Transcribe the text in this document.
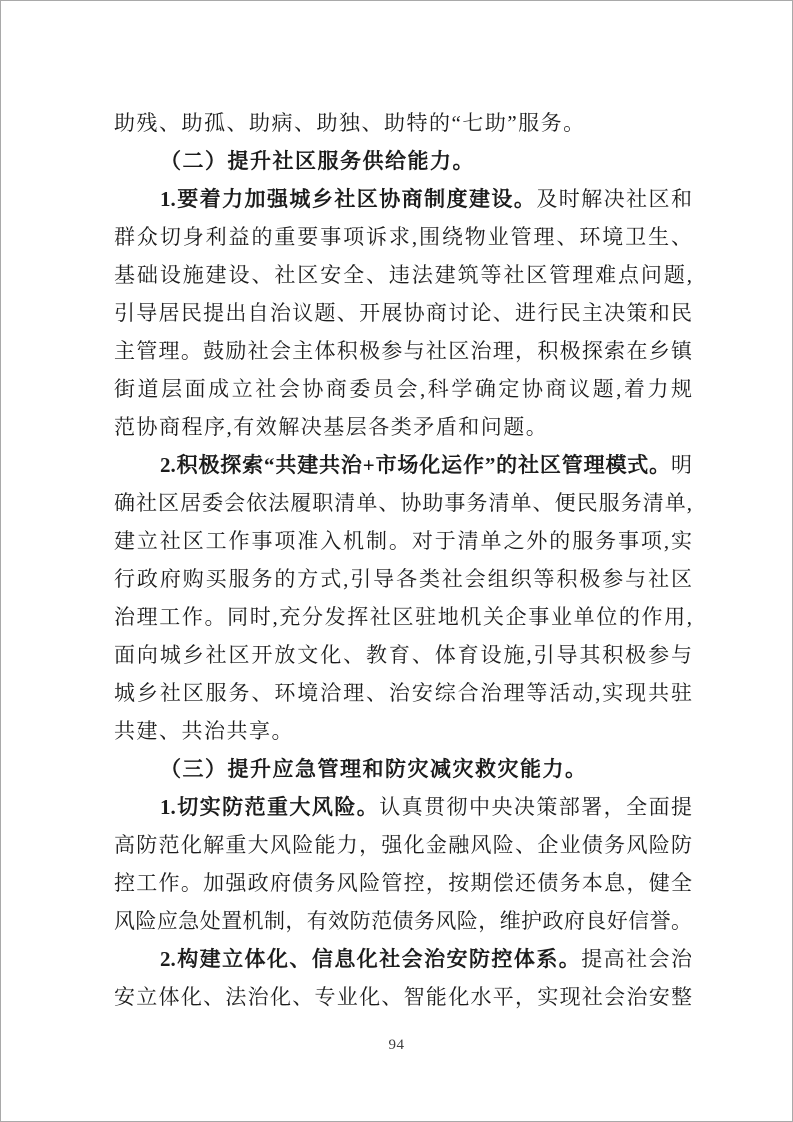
助残、助孤、助病、助独、助特的“七助”服务。
（二）提升社区服务供给能力。
1.要着力加强城乡社区协商制度建设。及时解决社区和
群众切身利益的重要事项诉求,围绕物业管理、环境卫生、
基础设施建设、社区安全、违法建筑等社区管理难点问题,
引导居民提出自治议题、开展协商讨论、进行民主决策和民
主管理。鼓励社会主体积极参与社区治理，积极探索在乡镇
街道层面成立社会协商委员会,科学确定协商议题,着力规
范协商程序,有效解决基层各类矛盾和问题。
2.积极探索“共建共治+市场化运作”的社区管理模式。明
确社区居委会依法履职清单、协助事务清单、便民服务清单,
建立社区工作事项准入机制。对于清单之外的服务事项,实
行政府购买服务的方式,引导各类社会组织等积极参与社区
治理工作。同时,充分发挥社区驻地机关企事业单位的作用,
面向城乡社区开放文化、教育、体育设施,引导其积极参与
城乡社区服务、环境洽理、治安综合治理等活动,实现共驻
共建、共治共享。
（三）提升应急管理和防灾减灾救灾能力。
1.切实防范重大风险。认真贯彻中央决策部署，全面提
高防范化解重大风险能力，强化金融风险、企业债务风险防
控工作。加强政府债务风险管控，按期偿还债务本息，健全
风险应急处置机制，有效防范债务风险，维护政府良好信誉。
2.构建立体化、信息化社会治安防控体系。提高社会治
安立体化、法治化、专业化、智能化水平，实现社会治安整
94
